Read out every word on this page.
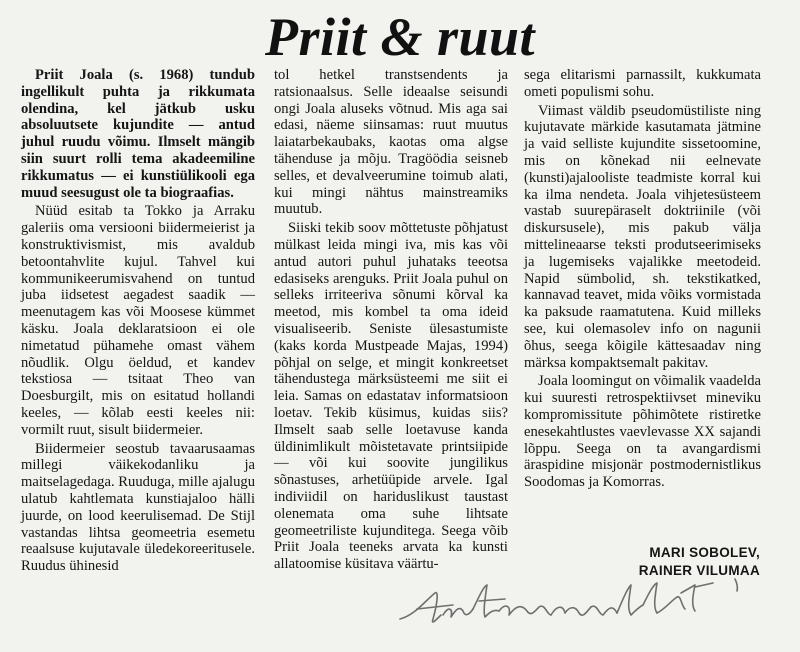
Priit & ruut

Priit Joala (s. 1968) tundub ingellikult puhta ja rikkumata olendina, kel jätkub usku absoluutsete kujundite — antud juhul ruudu võimu. Ilmselt mängib siin suurt rolli tema akadeemiline rikkumatus — ei kunstiülikooli ega muud seesugust ole ta biograafias.

Nüüd esitab ta Tokko ja Arraku galeriis oma versiooni biidermeierist ja konstruktivismist, mis avaldub betoontahvlite kujul. Tahvel kui kommunikeerumisvahend on tuntud juba iidsetest aegadest saadik — meenutagem kas või Moosese kümmet käsku. Joala deklaratsioon ei ole nimetatud pühamehe omast vähem nõudlik. Olgu öeldud, et kandev tekstiosa — tsitaat Theo van Doesburgilt, mis on esitatud hollandi keeles, — kõlab eesti keeles nii: vormilt ruut, sisult biidermeier.

Biidermeier seostub tavaarusaamas millegi väikekodanliku ja maitselagedaga. Ruuduga, mille ajalugu ulatub kahtlemata kunstiajaloo hälli juurde, on lood keerulisemad. De Stijl vastandas lihtsa geomeetria esemetu reaalsuse kujutavale üledekoreeritusele. Ruudus ühinesid

tol hetkel transtsendents ja ratsionaalsus. Selle ideaalse seisundi ongi Joala aluseks võtnud. Mis aga sai edasi, näeme siinsamas: ruut muutus laiatarbekaubaks, kaotas oma algse tähenduse ja mõju. Tragöödia seisneb selles, et devalveerumine toimub alati, kui mingi nähtus mainstreamiks muutub.

Siiski tekib soov mõttetuste põhjatust mülkast leida mingi iva, mis kas või antud autori puhul juhataks teeotsa edasiseks arenguks. Priit Joala puhul on selleks irriteeriva sõnumi kõrval ka meetod, mis kombel ta oma ideid visualiseerib. Seniste ülesastumiste (kaks korda Mustpeade Majas, 1994) põhjal on selge, et mingit konkreetset tähendustega märksüsteemi me siit ei leia. Samas on edastatav informatsioon loetav. Tekib küsimus, kuidas siis? Ilmselt saab selle loetavuse kanda üldinimlikult mõistetavate printsiipide — või kui soovite jungilikus sõnastuses, arhetüüpide arvele. Igal indiviidil on hariduslikust taustast olenemata oma suhe lihtsate geomeetriliste kujunditega. Seega võib Priit Joala teeneks arvata ka kunsti allatoomise küsitava väärtu-

sega elitarismi parnassilt, kukkumata ometi populismi sohu.

Viimast väldib pseudomüstiliste ning kujutavate märkide kasutamata jätmine ja vaid selliste kujundite sissetoomine, mis on kõnekad nii eelnevate (kunsti)ajalooliste teadmiste korral kui ka ilma nendeta. Joala vihjetesüsteem vastab suurepäraselt doktriinile (või diskursusele), mis pakub välja mittelineaarse teksti produtseerimiseks ja lugemiseks vajalikke meetodeid. Napid sümbolid, sh. tekstikatked, kannavad teavet, mida võiks vormistada ka paksude raamatutena. Kuid milleks see, kui olemasolev info on nagunii õhus, seega kõigile kättesaadav ning märksa kompaktsemalt pakitav.

Joala loomingut on võimalik vaadelda kui suuresti retrospektiivset mineviku kompromissitute põhimõtete ristiretke enesekahtlustes vaevlevasse XX sajandi lõppu. Seega on ta avangardismi äraspidine misjonär postmodernistlikus Soodomas ja Komorras.

MARI SOBOLEV,
RAINER VILUMAA
